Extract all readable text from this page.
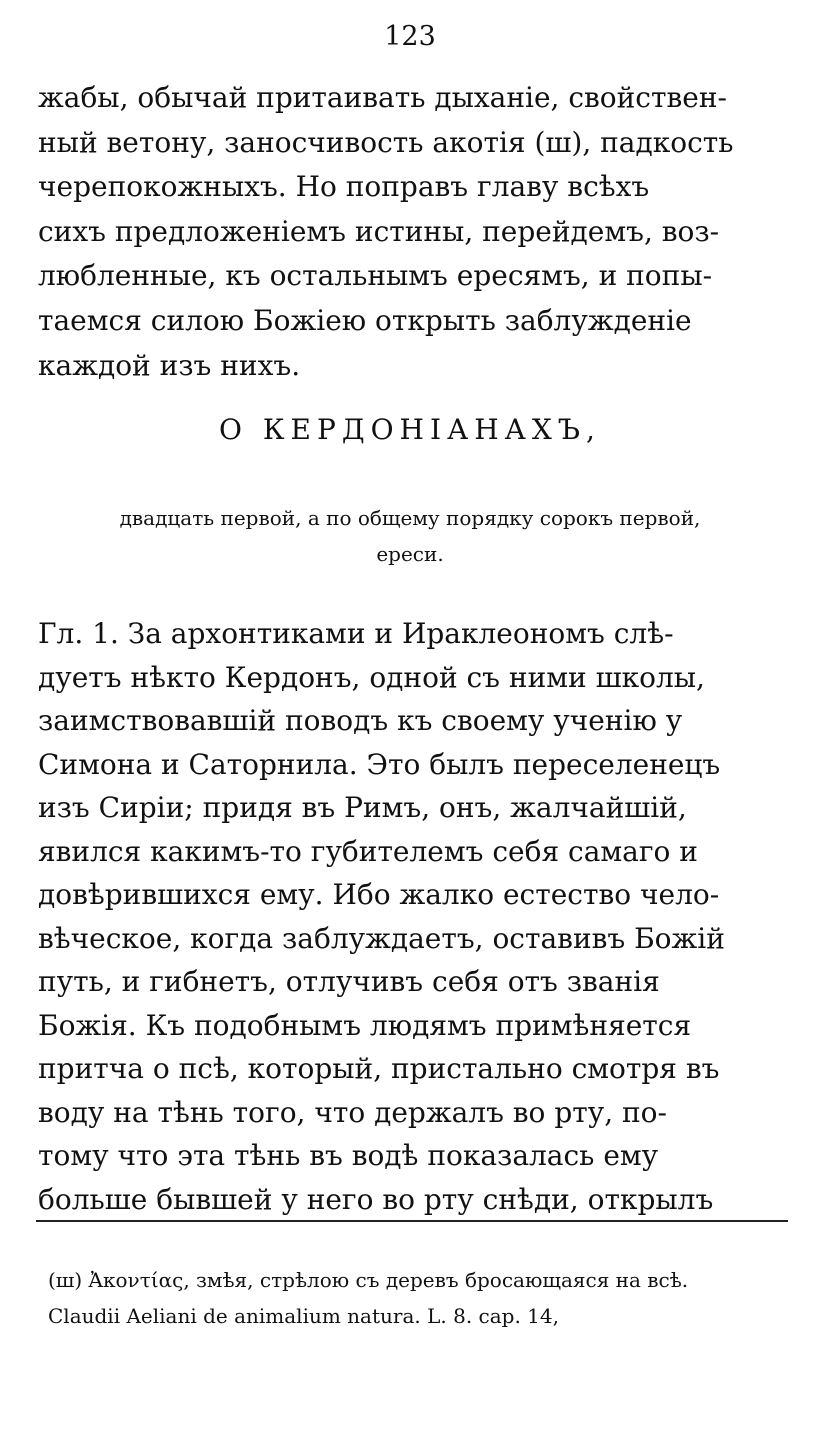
123
жабы, обычай притаивать дыханіе, свойствен-
ный ветону, заносчивость акотія (ш), падкость
черепокожныхъ. Но поправъ главу всѣхъ
сихъ предложеніемъ истины, перейдемъ, воз-
любленные, къ остальнымъ ересямъ, и попы-
таемся силою Божіею открыть заблужденіе
каждой изъ нихъ.
О КЕРДОНІАНАХЪ,
двадцать первой, а по общему порядку сорокъ первой,
ереси.
Гл. 1. За архонтиками и Ираклеономъ слѣ-
дуетъ нѣкто Кердонъ, одной съ ними школы,
заимствовавшій поводъ къ своему ученію у
Симона и Саторнила. Это былъ переселенецъ
изъ Сиріи; придя въ Римъ, онъ, жалчайшій,
явился какимъ-то губителемъ себя самаго и
довѣрившихся ему. Ибо жалко естество чело-
вѣческое, когда заблуждаетъ, оставивъ Божій
путь, и гибнетъ, отлучивъ себя отъ званія
Божія. Къ подобнымъ людямъ примѣняется
притча о псѣ, который, пристально смотря въ
воду на тѣнь того, что держалъ во рту, по-
тому что эта тѣнь въ водѣ показалась ему
больше бывшей у него во рту снѣди, открылъ
(ш) Ἀκοντίας, змѣя, стрѣлою съ деревъ бросающаяся на всѣ.
Claudii Aeliani de animalium natura. L. 8. cap. 14,
